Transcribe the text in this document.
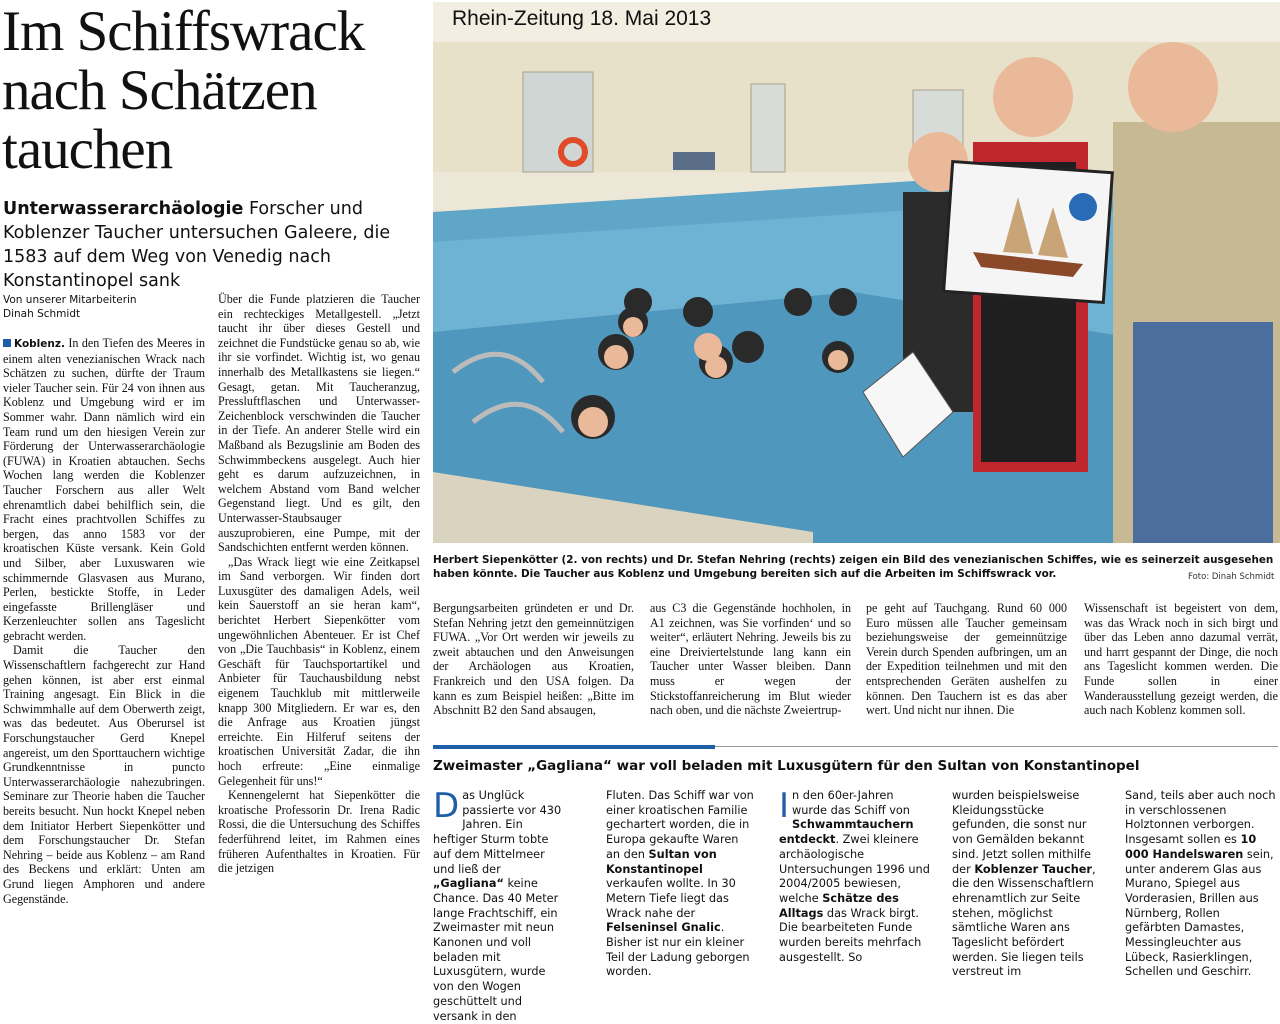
Im Schiffswrack
nach Schätzen
tauchen
Unterwasserarchäologie Forscher und Koblenzer Taucher untersuchen Galeere, die 1583 auf dem Weg von Venedig nach Konstantinopel sank
Von unserer Mitarbeiterin
Dinah Schmidt

Koblenz. In den Tiefen des Meeres in einem alten venezianischen Wrack nach Schätzen zu suchen, dürfte der Traum vieler Taucher sein. Für 24 von ihnen aus Koblenz und Umgebung wird er im Sommer wahr. Dann nämlich wird ein Team rund um den hiesigen Verein zur Förderung der Unterwasserarchäologie (FUWA) in Kroatien abtauchen. Sechs Wochen lang werden die Koblenzer Taucher Forschern aus aller Welt ehrenamtlich dabei behilflich sein, die Fracht eines prachtvollen Schiffes zu bergen, das anno 1583 vor der kroatischen Küste versank. Kein Gold und Silber, aber Luxuswaren wie schimmernde Glasvasen aus Murano, Perlen, bestickte Stoffe, in Leder eingefasste Brillengläser und Kerzenleuchter sollen ans Tageslicht gebracht werden.

Damit die Taucher den Wissenschaftlern fachgerecht zur Hand gehen können, ist aber erst einmal Training angesagt. Ein Blick in die Schwimmhalle auf dem Oberwerth zeigt, was das bedeutet. Aus Oberursel ist Forschungstaucher Gerd Knepel angereist, um den Sporttauchern wichtige Grundkenntnisse in puncto Unterwasserarchäologie nahezubringen. Seminare zur Theorie haben die Taucher bereits besucht. Nun hockt Knepel neben dem Initiator Herbert Siepenkötter und dem Forschungstaucher Dr. Stefan Nehring – beide aus Koblenz – am Rand des Beckens und erklärt: Unten am Grund liegen Amphoren und andere Gegenstände.

Über die Funde platzieren die Taucher ein rechteckiges Metallgestell. „Jetzt taucht ihr über dieses Gestell und zeichnet die Fundstücke genau so ab, wie ihr sie vorfindet. Wichtig ist, wo genau innerhalb des Metallkastens sie liegen.“ Gesagt, getan. Mit Taucheranzug, Pressluftflaschen und Unterwasser-Zeichenblock verschwinden die Taucher in der Tiefe. An anderer Stelle wird ein Maßband als Bezugslinie am Boden des Schwimmbeckens ausgelegt. Auch hier geht es darum aufzuzeichnen, in welchem Abstand vom Band welcher Gegenstand liegt. Und es gilt, den Unterwasser-Staubsauger auszuprobieren, eine Pumpe, mit der Sandschichten entfernt werden können.

„Das Wrack liegt wie eine Zeitkapsel im Sand verborgen. Wir finden dort Luxusgüter des damaligen Adels, weil kein Sauerstoff an sie heran kam“, berichtet Herbert Siepenkötter vom ungewöhnlichen Abenteuer. Er ist Chef von „Die Tauchbasis“ in Koblenz, einem Geschäft für Tauchsportartikel und Anbieter für Tauchausbildung nebst eigenem Tauchklub mit mittlerweile knapp 300 Mitgliedern. Er war es, den die Anfrage aus Kroatien jüngst erreichte. Ein Hilferuf seitens der kroatischen Universität Zadar, die ihn hoch erfreute: „Eine einmalige Gelegenheit für uns!“

Kennengelernt hat Siepenkötter die kroatische Professorin Dr. Irena Radic Rossi, die die Untersuchung des Schiffes federführend leitet, im Rahmen eines früheren Aufenthaltes in Kroatien. Für die jetzigen

Rhein-Zeitung 18. Mai 2013
Herbert Siepenkötter (2. von rechts) und Dr. Stefan Nehring (rechts) zeigen ein Bild des venezianischen Schiffes, wie es seinerzeit ausgesehen haben könnte. Die Taucher aus Koblenz und Umgebung bereiten sich auf die Arbeiten im Schiffswrack vor.	Foto: Dinah Schmidt

Bergungsarbeiten gründeten er und Dr. Stefan Nehring jetzt den gemeinnützigen FUWA. „Vor Ort werden wir jeweils zu zweit abtauchen und den Anweisungen der Archäologen aus Kroatien, Frankreich und den USA folgen. Da kann es zum Beispiel heißen: „Bitte im Abschnitt B2 den Sand absaugen,

aus C3 die Gegenstände hochholen, in A1 zeichnen, was Sie vorfinden‘ und so weiter“, erläutert Nehring. Jeweils bis zu eine Dreiviertelstunde lang kann ein Taucher unter Wasser bleiben. Dann muss er wegen der Stickstoffanreicherung im Blut wieder nach oben, und die nächste Zweiertrup-

pe geht auf Tauchgang. Rund 60 000 Euro müssen alle Taucher gemeinsam beziehungsweise der gemeinnützige Verein durch Spenden aufbringen, um an der Expedition teilnehmen und mit den entsprechenden Geräten aushelfen zu können. Den Tauchern ist es das aber wert. Und nicht nur ihnen. Die

Wissenschaft ist begeistert von dem, was das Wrack noch in sich birgt und über das Leben anno dazumal verrät, und harrt gespannt der Dinge, die noch ans Tageslicht kommen werden. Die Funde sollen in einer Wanderausstellung gezeigt werden, die auch nach Koblenz kommen soll.

Zweimaster „Gagliana“ war voll beladen mit Luxusgütern für den Sultan von Konstantinopel

Das Unglück passierte vor 430 Jahren. Ein heftiger Sturm tobte auf dem Mittelmeer und ließ der „Gagliana“ keine Chance. Das 40 Meter lange Frachtschiff, ein Zweimaster mit neun Kanonen und voll beladen mit Luxusgütern, wurde von den Wogen geschüttelt und versank in den

Fluten. Das Schiff war von einer kroatischen Familie gechartert worden, die in Europa gekaufte Waren an den Sultan von Konstantinopel verkaufen wollte. In 30 Metern Tiefe liegt das Wrack nahe der Felseninsel Gnalic. Bisher ist nur ein kleiner Teil der Ladung geborgen worden.

In den 60er-Jahren wurde das Schiff von Schwammtauchern entdeckt. Zwei kleinere archäologische Untersuchungen 1996 und 2004/2005 bewiesen, welche Schätze des Alltags das Wrack birgt. Die bearbeiteten Funde wurden bereits mehrfach ausgestellt. So

wurden beispielsweise Kleidungsstücke gefunden, die sonst nur von Gemälden bekannt sind. Jetzt sollen mithilfe der Koblenzer Taucher, die den Wissenschaftlern ehrenamtlich zur Seite stehen, möglichst sämtliche Waren ans Tageslicht befördert werden. Sie liegen teils verstreut im

Sand, teils aber auch noch in verschlossenen Holztonnen verborgen. Insgesamt sollen es 10 000 Handelswaren sein, unter anderem Glas aus Murano, Spiegel aus Vorderasien, Brillen aus Nürnberg, Rollen gefärbten Damastes, Messingleuchter aus Lübeck, Rasierklingen, Schellen und Geschirr.
